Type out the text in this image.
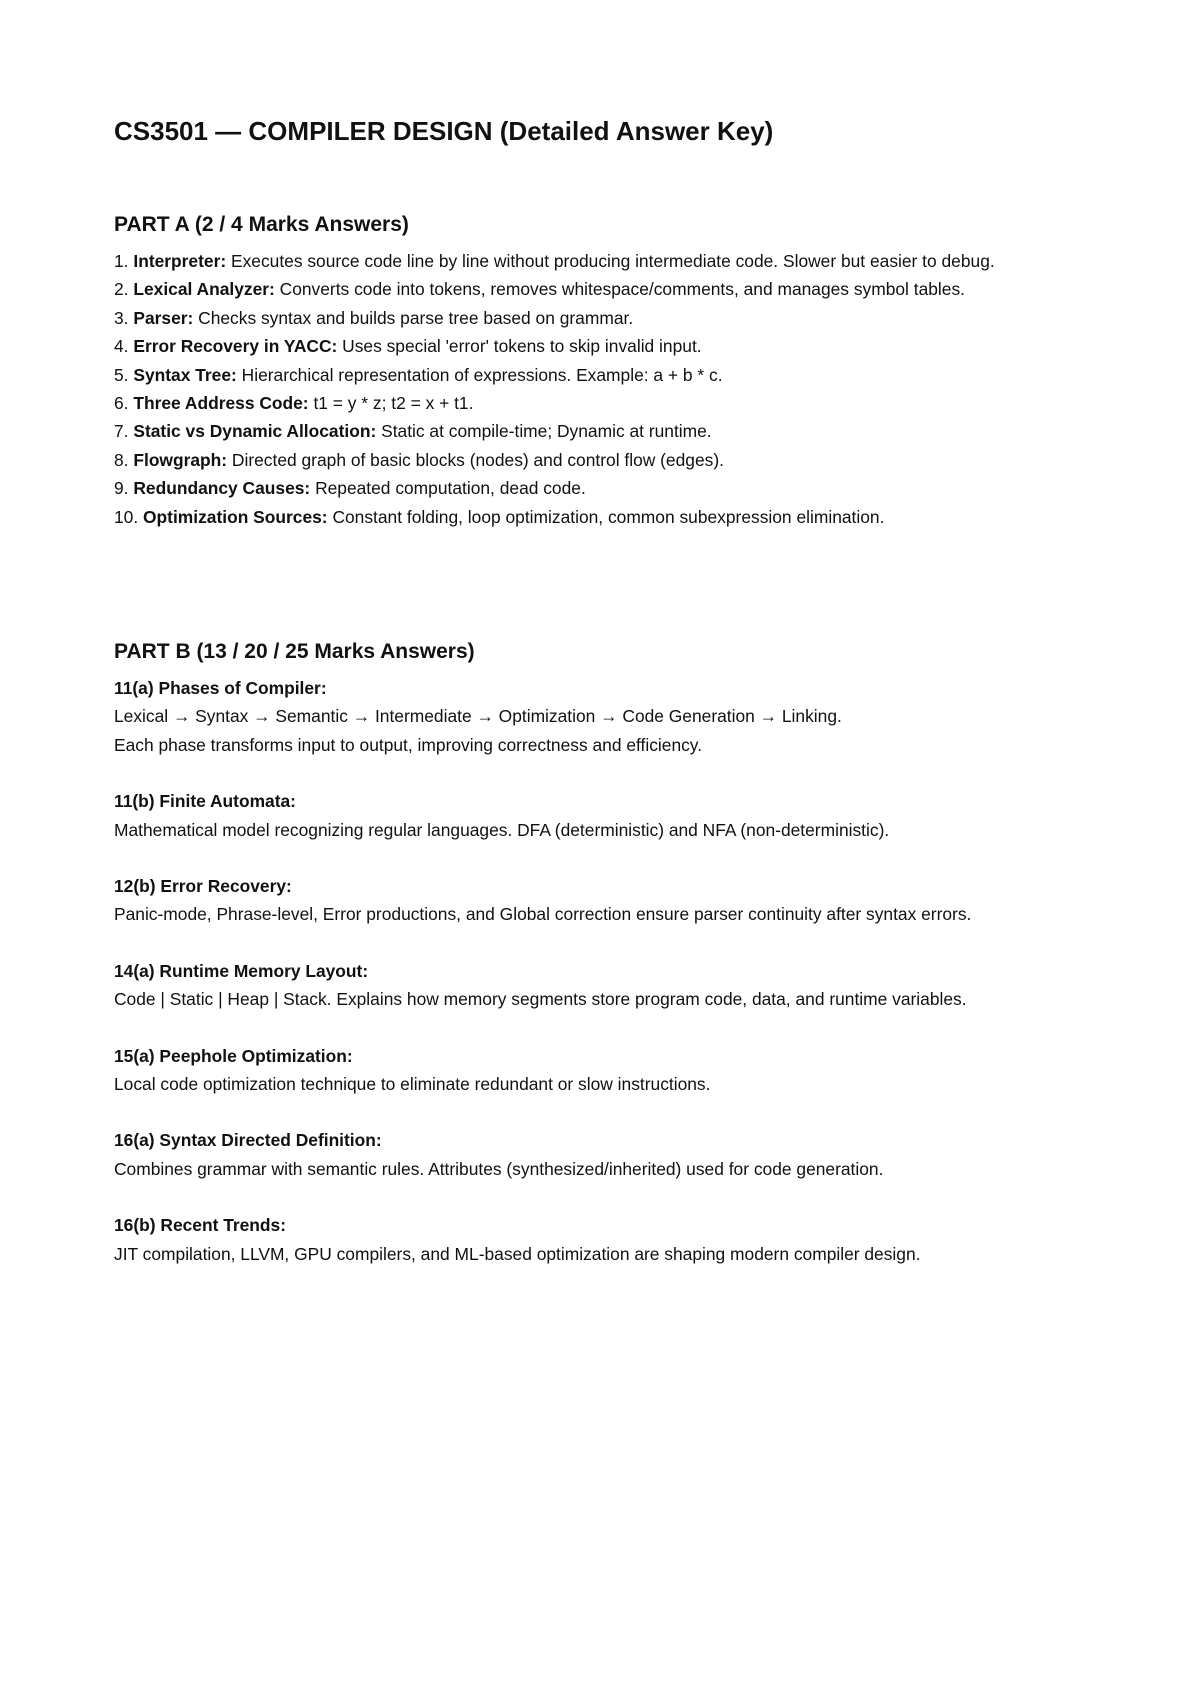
CS3501 — COMPILER DESIGN (Detailed Answer Key)
PART A (2 / 4 Marks Answers)
1. Interpreter: Executes source code line by line without producing intermediate code. Slower but easier to debug.
2. Lexical Analyzer: Converts code into tokens, removes whitespace/comments, and manages symbol tables.
3. Parser: Checks syntax and builds parse tree based on grammar.
4. Error Recovery in YACC: Uses special 'error' tokens to skip invalid input.
5. Syntax Tree: Hierarchical representation of expressions. Example: a + b * c.
6. Three Address Code: t1 = y * z; t2 = x + t1.
7. Static vs Dynamic Allocation: Static at compile-time; Dynamic at runtime.
8. Flowgraph: Directed graph of basic blocks (nodes) and control flow (edges).
9. Redundancy Causes: Repeated computation, dead code.
10. Optimization Sources: Constant folding, loop optimization, common subexpression elimination.
PART B (13 / 20 / 25 Marks Answers)
11(a) Phases of Compiler:
Lexical → Syntax → Semantic → Intermediate → Optimization → Code Generation → Linking.
Each phase transforms input to output, improving correctness and efficiency.
11(b) Finite Automata:
Mathematical model recognizing regular languages. DFA (deterministic) and NFA (non-deterministic).
12(b) Error Recovery:
Panic-mode, Phrase-level, Error productions, and Global correction ensure parser continuity after syntax errors.
14(a) Runtime Memory Layout:
Code | Static | Heap | Stack. Explains how memory segments store program code, data, and runtime variables.
15(a) Peephole Optimization:
Local code optimization technique to eliminate redundant or slow instructions.
16(a) Syntax Directed Definition:
Combines grammar with semantic rules. Attributes (synthesized/inherited) used for code generation.
16(b) Recent Trends:
JIT compilation, LLVM, GPU compilers, and ML-based optimization are shaping modern compiler design.
